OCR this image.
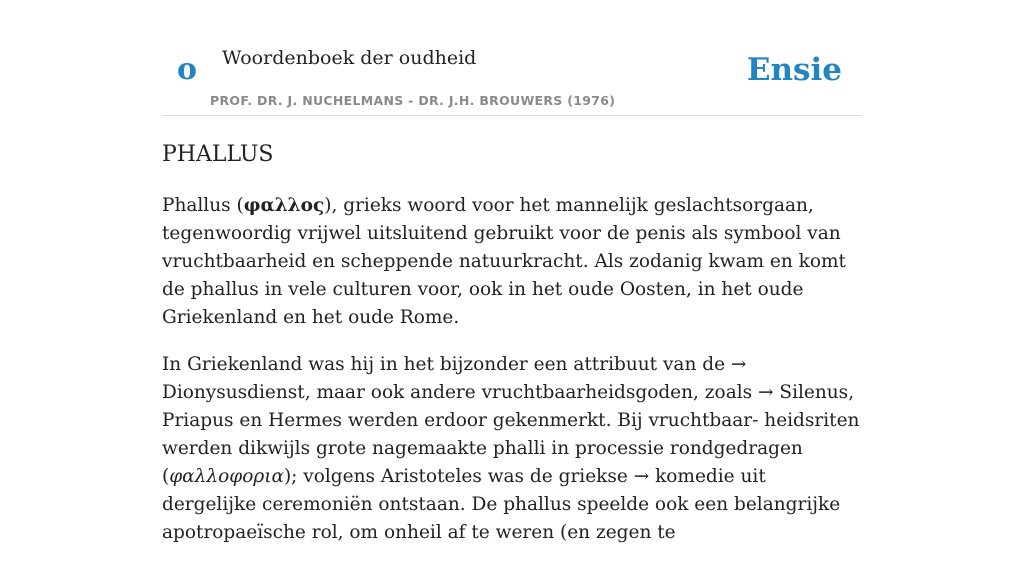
o Woordenboek der oudheid
PROF. DR. J. NUCHELMANS - DR. J.H. BROUWERS (1976)
Ensie
PHALLUS

Phallus (φαλλος), grieks woord voor het mannelijk geslachtsorgaan, tegenwoordig vrijwel uitsluitend gebruikt voor de penis als symbool van vruchtbaarheid en scheppende natuurkracht. Als zodanig kwam en komt de phallus in vele culturen voor, ook in het oude Oosten, in het oude Griekenland en het oude Rome.

In Griekenland was hij in het bijzonder een attribuut van de → Dionysusdienst, maar ook andere vruchtbaarheidsgoden, zoals → Silenus, Priapus en Hermes werden erdoor gekenmerkt. Bij vruchtbaar- heidsriten werden dikwijls grote nagemaakte phalli in processie rondgedragen (φαλλοφορια); volgens Aristoteles was de griekse → komedie uit dergelijke ceremoniën ontstaan. De phallus speelde ook een belangrijke apotropaeïsche rol, om onheil af te weren (en zegen te
